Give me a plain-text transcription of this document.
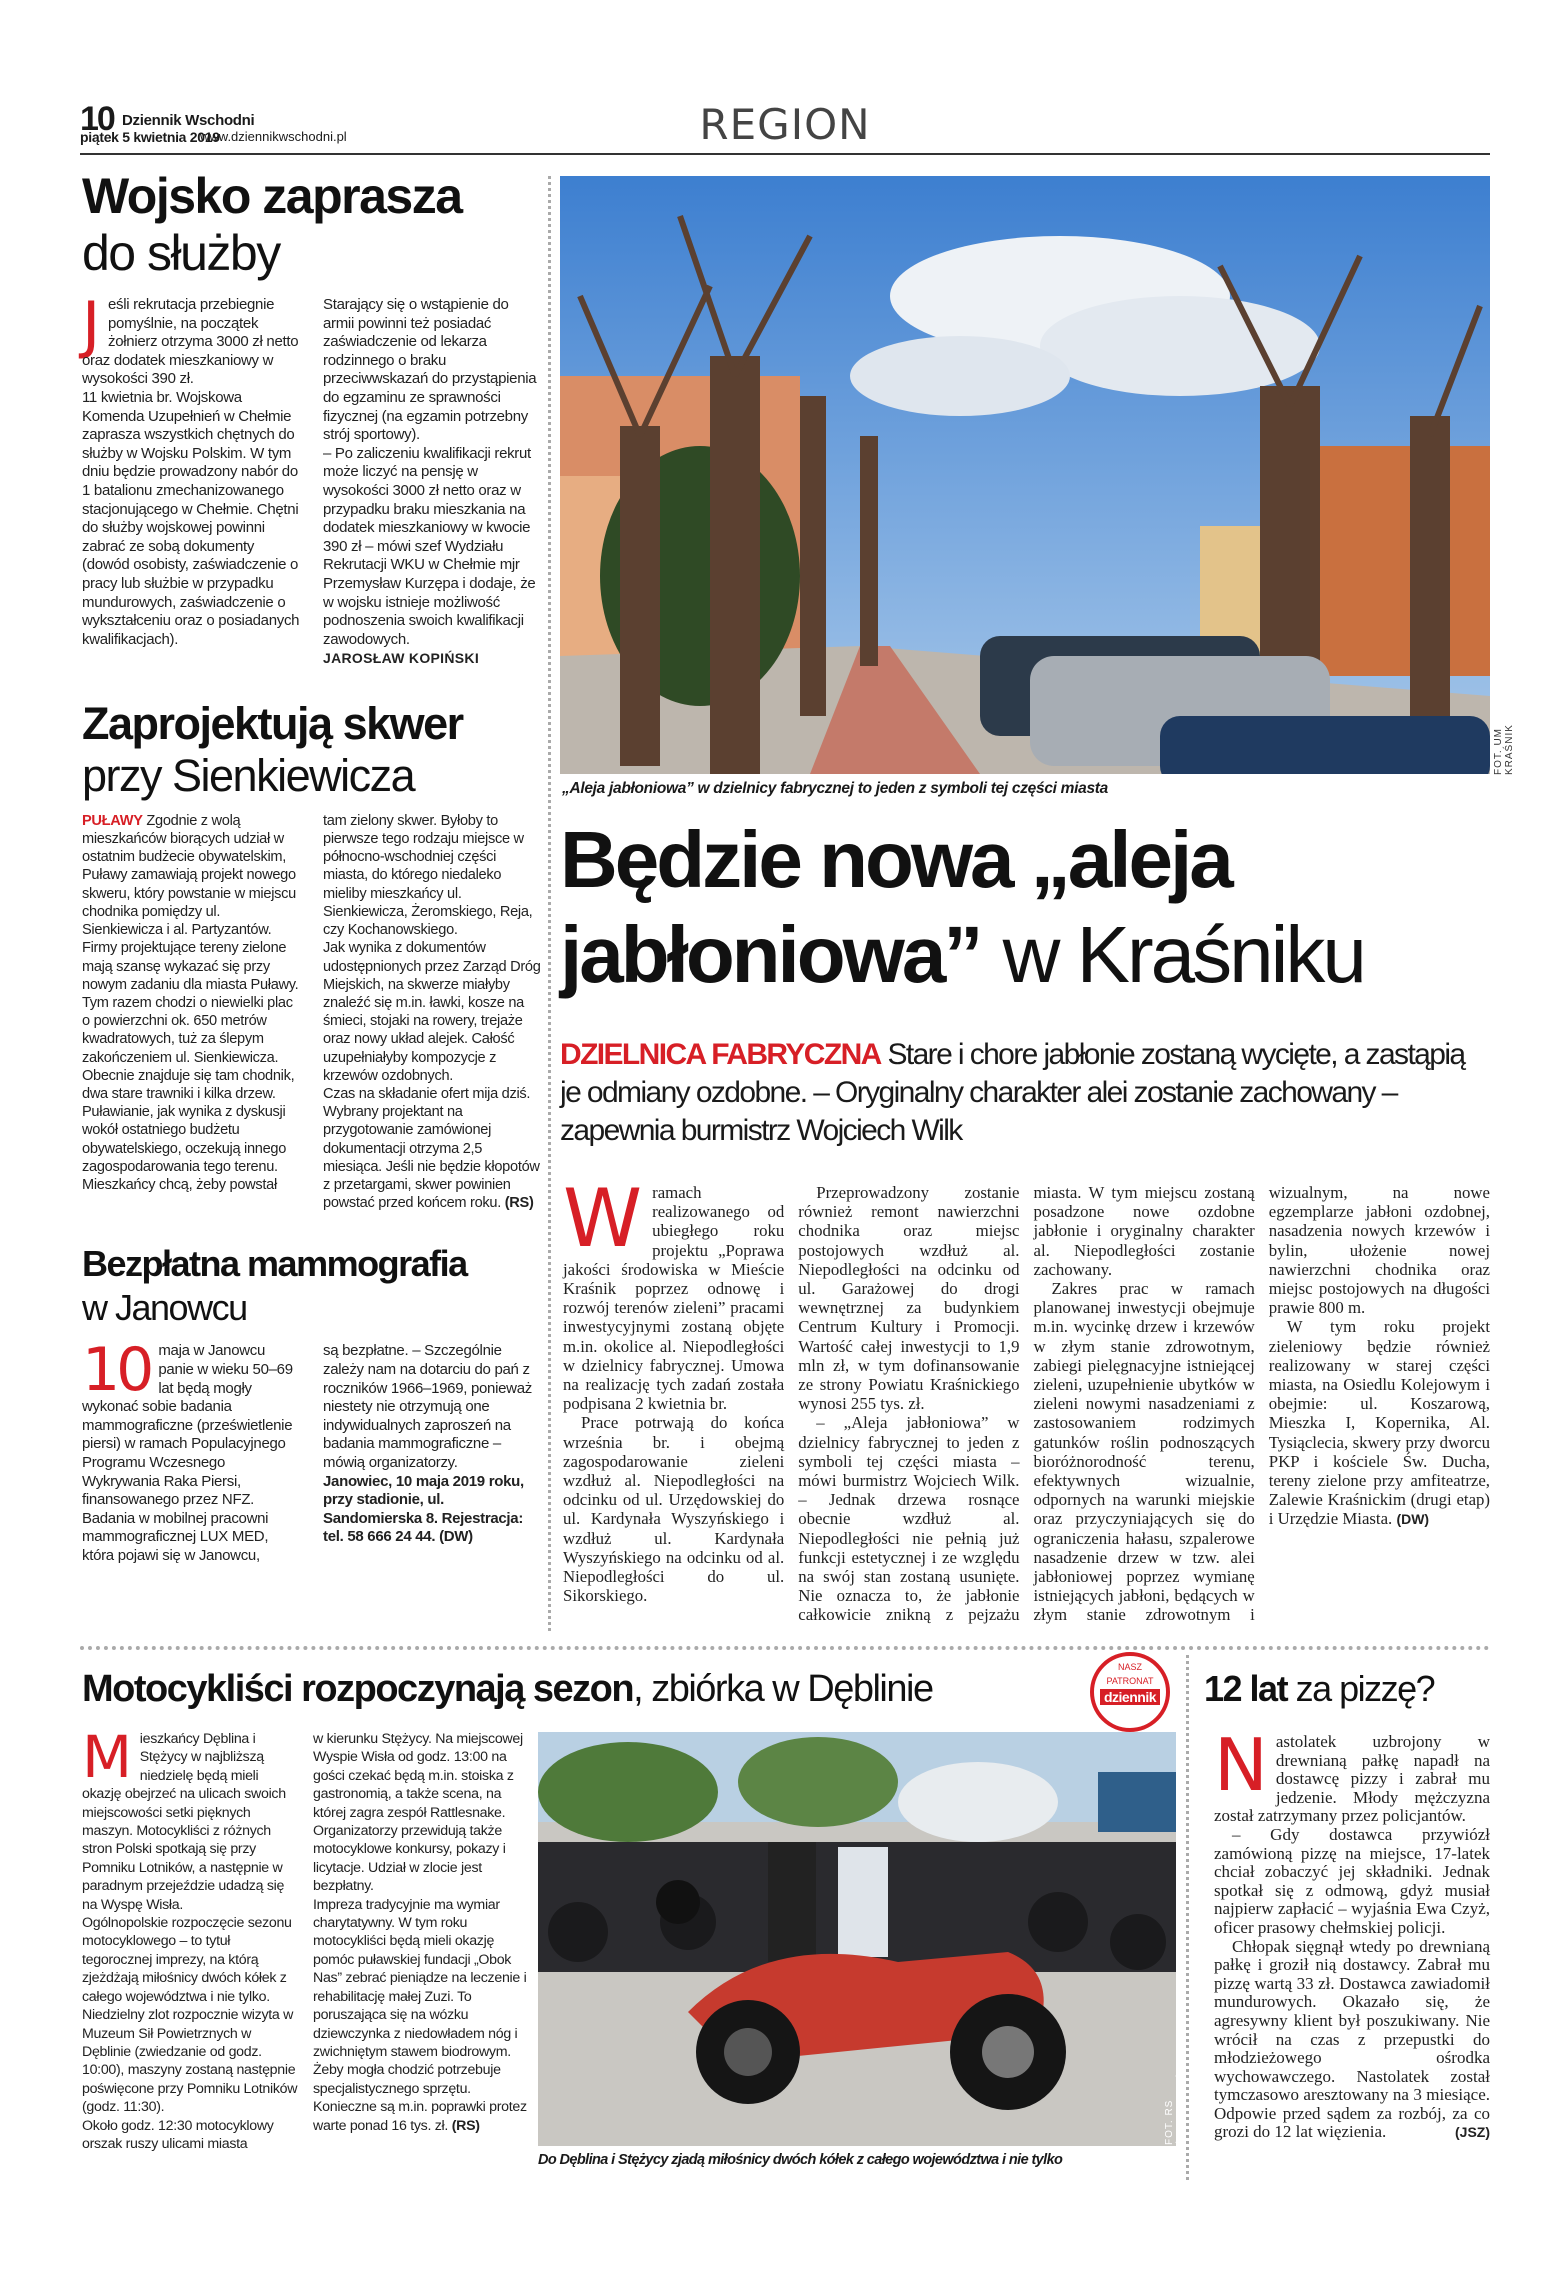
10 Dziennik Wschodni
piątek 5 kwietnia 2019
www.dziennikwschodni.pl	REGION
Wojsko zaprasza
do służby
J eśli rekrutacja przebiegnie pomyślnie, na początek żołnierz otrzyma 3000 zł netto oraz dodatek mieszkaniowy w wysokości 390 zł.

11 kwietnia br. Wojskowa Komenda Uzupełnień w Chełmie zaprasza wszystkich chętnych do służby w Wojsku Polskim. W tym dniu będzie prowadzony nabór do 1 batalionu zmechanizowanego stacjonującego w Chełmie. Chętni do służby wojskowej powinni zabrać ze sobą dokumenty (dowód osobisty, zaświadczenie o pracy lub służbie w przypadku mundurowych, zaświadczenie o wykształceniu oraz o posiadanych kwalifikacjach).

Starający się o wstąpienie do armii powinni też posiadać zaświadczenie od lekarza rodzinnego o braku przeciwwskazań do przystąpienia do egzaminu ze sprawności fizycznej (na egzamin potrzebny strój sportowy).

– Po zaliczeniu kwalifikacji rekrut może liczyć na pensję w wysokości 3000 zł netto oraz w przypadku braku mieszkania na dodatek mieszkaniowy w kwocie 390 zł – mówi szef Wydziału Rekrutacji WKU w Chełmie mjr Przemysław Kurzępa i dodaje, że w wojsku istnieje możliwość podnoszenia swoich kwalifikacji zawodowych.

JAROSŁAW KOPIŃSKI

Zaprojektują skwer
przy Sienkiewicza

PUŁAWY Zgodnie z wolą mieszkańców biorących udział w ostatnim budżecie obywatelskim, Puławy zamawiają projekt nowego skweru, który powstanie w miejscu chodnika pomiędzy ul. Sienkiewicza i al. Partyzantów. Firmy projektujące tereny zielone mają szansę wykazać się przy nowym zadaniu dla miasta Puławy. Tym razem chodzi o niewielki plac o powierzchni ok. 650 metrów kwadratowych, tuż za ślepym zakończeniem ul. Sienkiewicza. Obecnie znajduje się tam chodnik, dwa stare trawniki i kilka drzew. Puławianie, jak wynika z dyskusji wokół ostatniego budżetu obywatelskiego, oczekują innego zagospodarowania tego terenu. Mieszkańcy chcą, żeby powstał

tam zielony skwer. Byłoby to pierwsze tego rodzaju miejsce w północno-wschodniej części miasta, do którego niedaleko mieliby mieszkańcy ul. Sienkiewicza, Żeromskiego, Reja, czy Kochanowskiego.

Jak wynika z dokumentów udostępnionych przez Zarząd Dróg Miejskich, na skwerze miałyby znaleźć się m.in. ławki, kosze na śmieci, stojaki na rowery, trejaże oraz nowy układ alejek. Całość uzupełniałyby kompozycje z krzewów ozdobnych.

Czas na składanie ofert mija dziś. Wybrany projektant na przygotowanie zamówionej dokumentacji otrzyma 2,5 miesiąca. Jeśli nie będzie kłopotów z przetargami, skwer powinien powstać przed końcem roku. (RS)

Bezpłatna mammografia
w Janowcu
10 maja w Janowcu panie w wieku 50–69 lat będą mogły wykonać sobie badania mammograficzne (prześwietlenie piersi) w ramach Populacyjnego Programu Wczesnego Wykrywania Raka Piersi, finansowanego przez NFZ.

Badania w mobilnej pracowni mammograficznej LUX MED, która pojawi się w Janowcu,

są bezpłatne. – Szczególnie zależy nam na dotarciu do pań z roczników 1966–1969, ponieważ niestety nie otrzymują one indywidualnych zaproszeń na badania mammograficzne – mówią organizatorzy.

Janowiec, 10 maja 2019 roku, przy stadionie, ul. Sandomierska 8. Rejestracja: tel. 58 666 24 44. (DW)

FOT. UM KRAŚNIK
„Aleja jabłoniowa” w dzielnicy fabrycznej to jeden z symboli tej części miasta
Będzie nowa „aleja jabłoniowa” w Kraśniku
DZIELNICA FABRYCZNA Stare i chore jabłonie zostaną wycięte, a zastąpią je odmiany ozdobne. – Oryginalny charakter alei zostanie zachowany – zapewnia burmistrz Wojciech Wilk

Wramach realizowanego od ubiegłego roku projektu „Poprawa jakości środowiska w Mieście Kraśnik poprzez odnowę i rozwój terenów zieleni” pracami inwestycyjnymi zostaną objęte m.in. okolice al. Niepodległości w dzielnicy fabrycznej. Umowa na realizację tych zadań została podpisana 2 kwietnia br.

Prace potrwają do końca września br. i obejmą zagospodarowanie zieleni wzdłuż al. Niepodległości na odcinku od ul. Urzędowskiej do ul. Kardynała Wyszyńskiego i wzdłuż ul. Kardynała Wyszyńskiego na odcinku od al. Niepodległości do ul. Sikorskiego.

Przeprowadzony zostanie również remont nawierzchni chodnika oraz miejsc postojowych wzdłuż al. Niepodległości na odcinku od ul. Garażowej do drogi wewnętrznej za budynkiem Centrum Kultury i Promocji. Wartość całej inwestycji to 1,9 mln zł, w tym dofinansowanie ze strony Powiatu Kraśnickiego wynosi 255 tys. zł.

– „Aleja jabłoniowa” w dzielnicy fabrycznej to jeden z symboli tej części miasta – mówi burmistrz Wojciech Wilk. – Jednak drzewa rosnące obecnie wzdłuż al. Niepodległości nie pełnią już funkcji estetycznej i ze względu na swój stan zostaną usunięte. Nie oznacza to, że jabłonie całkowicie znikną z pejzażu miasta. W tym miejscu zostaną posadzone nowe ozdobne jabłonie i oryginalny charakter al. Niepodległości zostanie zachowany.

Zakres prac w ramach planowanej inwestycji obejmuje m.in. wycinkę drzew i krzewów w złym stanie zdrowotnym, zabiegi pielęgnacyjne istniejącej zieleni, uzupełnienie ubytków w zieleni nowymi nasadzeniami z zastosowaniem rodzimych gatunków roślin podnoszących bioróżnorodność terenu, efektywnych wizualnie, odpornych na warunki miejskie oraz przyczyniających się do ograniczenia hałasu, szpalerowe nasadzenie drzew w tzw. alei jabłoniowej poprzez wymianę istniejących jabłoni, będących w złym stanie zdrowotnym i wizualnym, na nowe egzemplarze jabłoni ozdobnej, nasadzenia nowych krzewów i bylin, ułożenie nowej nawierzchni chodnika oraz miejsc postojowych na długości prawie 800 m.

W tym roku projekt zieleniowy będzie również realizowany w starej części miasta, na Osiedlu Kolejowym i obejmie: ul. Koszarową, Mieszka I, Kopernika, Al. Tysiąclecia, skwery przy dworcu PKP i kościele Św. Ducha, tereny zielone przy amfiteatrze, Zalewie Kraśnickim (drugi etap) i Urzędzie Miasta. (DW)

Motocykliści rozpoczynają sezon, zbiórka w Dęblinie
NASZ
PATRONAT
dziennik
M ieszkańcy Dęblina i Stężycy w najbliższą niedzielę będą mieli okazję obejrzeć na ulicach swoich miejscowości setki pięknych maszyn. Motocykliści z różnych stron Polski spotkają się przy Pomniku Lotników, a następnie w paradnym przejeździe udadzą się na Wyspę Wisła.

Ogólnopolskie rozpoczęcie sezonu motocyklowego – to tytuł tegorocznej imprezy, na którą zjeżdżają miłośnicy dwóch kółek z całego województwa i nie tylko. Niedzielny zlot rozpocznie wizyta w Muzeum Sił Powietrznych w Dęblinie (zwiedzanie od godz. 10:00), maszyny zostaną następnie poświęcone przy Pomniku Lotników (godz. 11:30).

Około godz. 12:30 motocyklowy orszak ruszy ulicami miasta

w kierunku Stężycy. Na miejscowej Wyspie Wisła od godz. 13:00 na gości czekać będą m.in. stoiska z gastronomią, a także scena, na której zagra zespół Rattlesnake.

Organizatorzy przewidują także motocyklowe konkursy, pokazy i licytacje. Udział w zlocie jest bezpłatny.

Impreza tradycyjnie ma wymiar charytatywny. W tym roku motocykliści będą mieli okazję pomóc puławskiej fundacji „Obok Nas” zebrać pieniądze na leczenie i rehabilitację małej Zuzi. To poruszająca się na wózku dziewczynka z niedowładem nóg i zwichniętym stawem biodrowym. Żeby mogła chodzić potrzebuje specjalistycznego sprzętu. Konieczne są m.in. poprawki protez warte ponad 16 tys. zł. (RS)	FOT. RS (ARCHIWUM)
Do Dęblina i Stężycy zjadą miłośnicy dwóch kółek z całego województwa i nie tylko
12 lat za pizzę?

Nastolatek uzbrojony w drewnianą pałkę napadł na dostawcę pizzy i zabrał mu jedzenie. Młody mężczyzna został zatrzymany przez policjantów.

– Gdy dostawca przywiózł zamówioną pizzę na miejsce, 17-latek chciał zobaczyć jej składniki. Jednak spotkał się z odmową, gdyż musiał najpierw zapłacić – wyjaśnia Ewa Czyż, oficer prasowy chełmskiej policji.

Chłopak sięgnął wtedy po drewnianą pałkę i groził nią dostawcy. Zabrał mu pizzę wartą 33 zł. Dostawca zawiadomił mundurowych. Okazało się, że agresywny klient był poszukiwany. Nie wrócił na czas z przepustki do młodzieżowego ośrodka wychowawczego. Nastolatek został tymczasowo aresztowany na 3 miesiące. Odpowie przed sądem za rozbój, za co grozi do 12 lat więzienia.	(JSZ)
